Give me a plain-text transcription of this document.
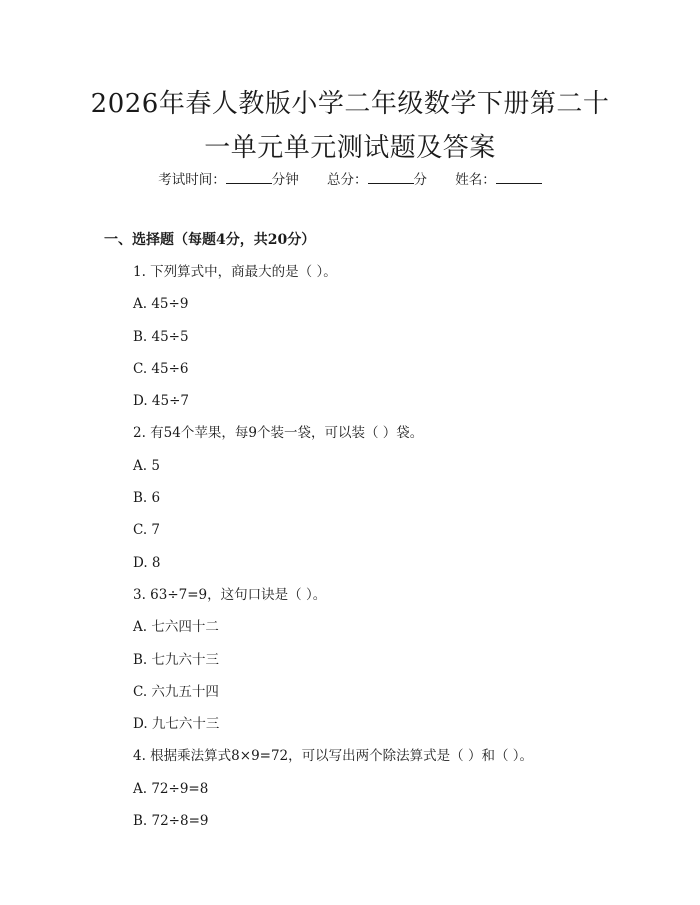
2026年春人教版小学二年级数学下册第二十
一单元单元测试题及答案
考试时间：	分钟 总分：	分 姓名：
一、选择题（每题4分，共20分）
1. 下列算式中，商最大的是（ ）。
A. 45÷9
B. 45÷5
C. 45÷6
D. 45÷7
2. 有54个苹果，每9个装一袋，可以装（ ）袋。
A. 5
B. 6
C. 7
D. 8
3. 63÷7=9，这句口诀是（ ）。
A. 七六四十二
B. 七九六十三
C. 六九五十四
D. 九七六十三
4. 根据乘法算式8×9=72，可以写出两个除法算式是（ ）和（ ）。
A. 72÷9=8
B. 72÷8=9
